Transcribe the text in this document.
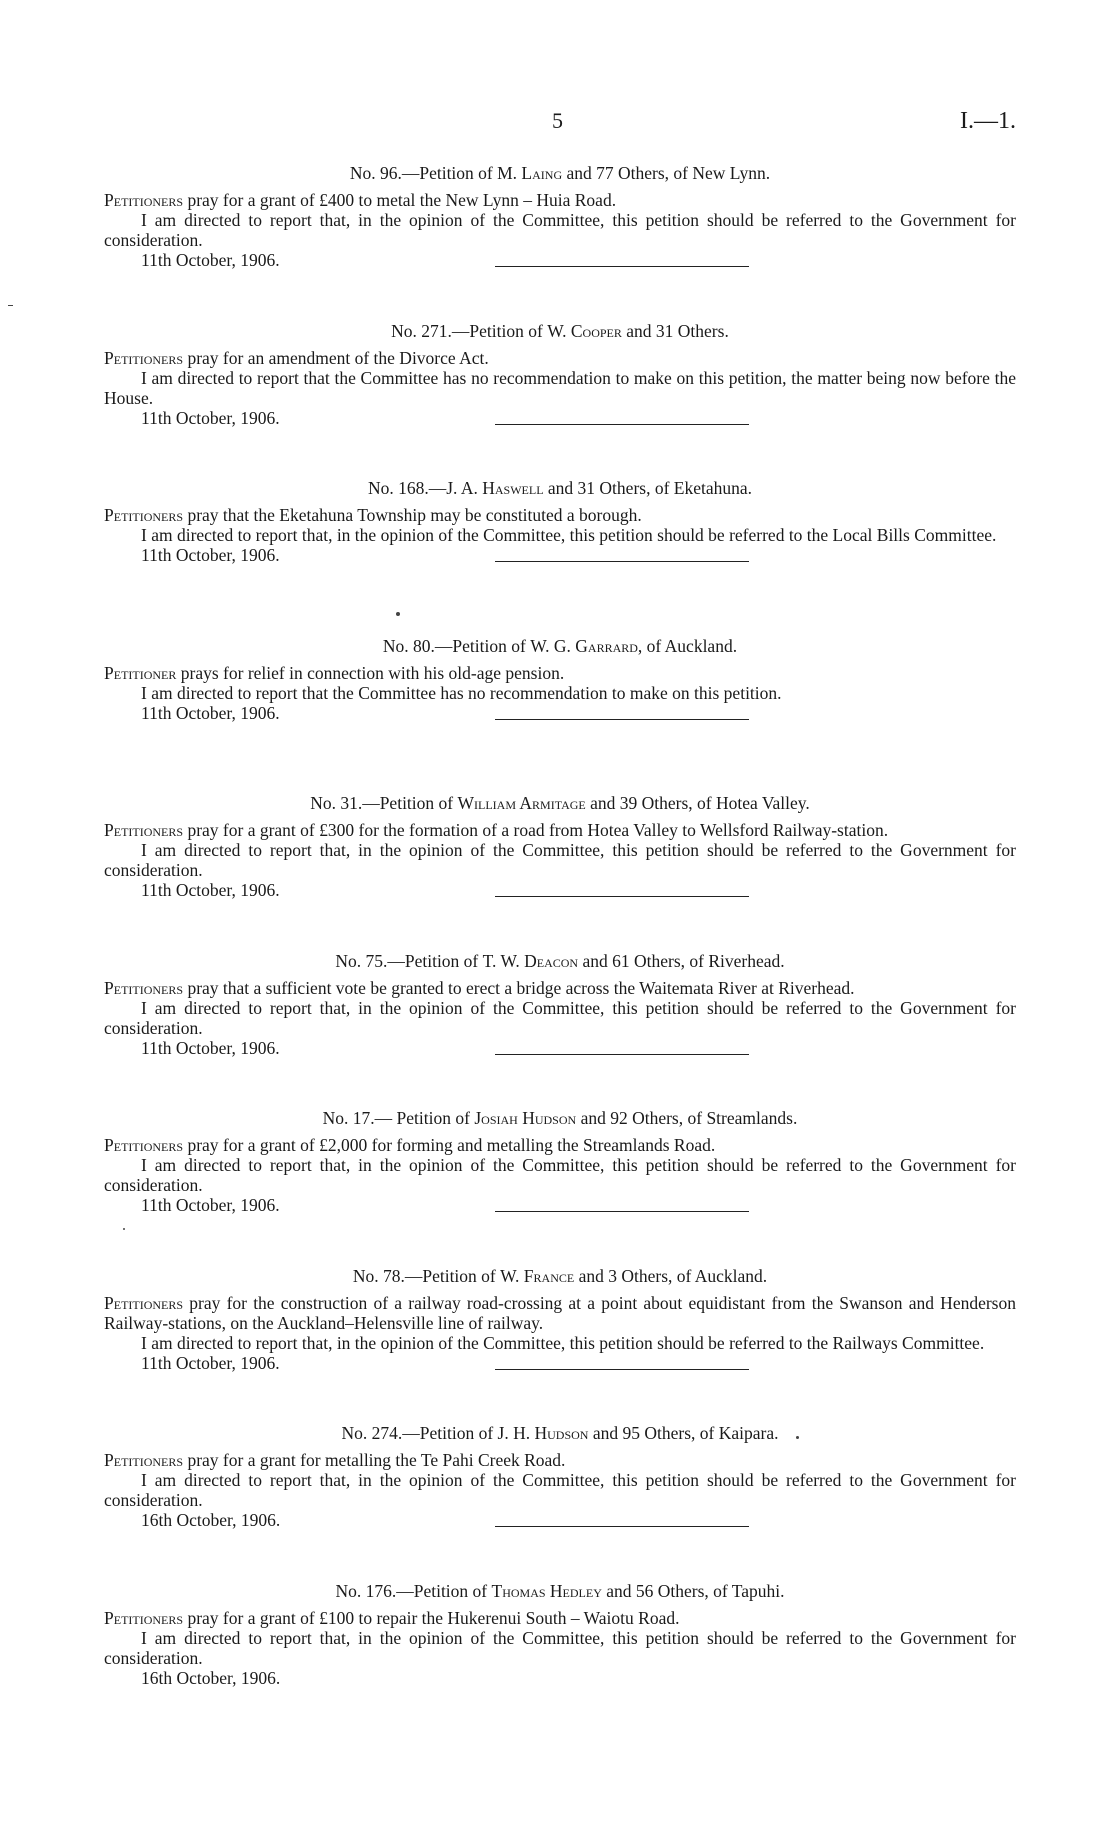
5	I.—1.

No. 96.—Petition of M. Laing and 77 Others, of New Lynn.

Petitioners pray for a grant of £400 to metal the New Lynn – Huia Road.

I am directed to report that, in the opinion of the Committee, this petition should be referred to the Government for consideration.

11th October, 1906.

No. 271.—Petition of W. Cooper and 31 Others.

Petitioners pray for an amendment of the Divorce Act.

I am directed to report that the Committee has no recommendation to make on this petition, the matter being now before the House.

11th October, 1906.

No. 168.—J. A. Haswell and 31 Others, of Eketahuna.

Petitioners pray that the Eketahuna Township may be constituted a borough.

I am directed to report that, in the opinion of the Committee, this petition should be referred to the Local Bills Committee.

11th October, 1906.

No. 80.—Petition of W. G. Garrard, of Auckland.

Petitioner prays for relief in connection with his old-age pension.

I am directed to report that the Committee has no recommendation to make on this petition.

11th October, 1906.

No. 31.—Petition of William Armitage and 39 Others, of Hotea Valley.

Petitioners pray for a grant of £300 for the formation of a road from Hotea Valley to Wellsford Railway-station.

I am directed to report that, in the opinion of the Committee, this petition should be referred to the Government for consideration.

11th October, 1906.

No. 75.—Petition of T. W. Deacon and 61 Others, of Riverhead.

Petitioners pray that a sufficient vote be granted to erect a bridge across the Waitemata River at Riverhead.

I am directed to report that, in the opinion of the Committee, this petition should be referred to the Government for consideration.

11th October, 1906.

No. 17.— Petition of Josiah Hudson and 92 Others, of Streamlands.

Petitioners pray for a grant of £2,000 for forming and metalling the Streamlands Road.

I am directed to report that, in the opinion of the Committee, this petition should be referred to the Government for consideration.

11th October, 1906.

No. 78.—Petition of W. France and 3 Others, of Auckland.

Petitioners pray for the construction of a railway road-crossing at a point about equidistant from the Swanson and Henderson Railway-stations, on the Auckland–Helensville line of railway.

I am directed to report that, in the opinion of the Committee, this petition should be referred to the Railways Committee.

11th October, 1906.

No. 274.—Petition of J. H. Hudson and 95 Others, of Kaipara.

Petitioners pray for a grant for metalling the Te Pahi Creek Road.

I am directed to report that, in the opinion of the Committee, this petition should be referred to the Government for consideration.

16th October, 1906.

No. 176.—Petition of Thomas Hedley and 56 Others, of Tapuhi.

Petitioners pray for a grant of £100 to repair the Hukerenui South – Waiotu Road.

I am directed to report that, in the opinion of the Committee, this petition should be referred to the Government for consideration.

16th October, 1906.
